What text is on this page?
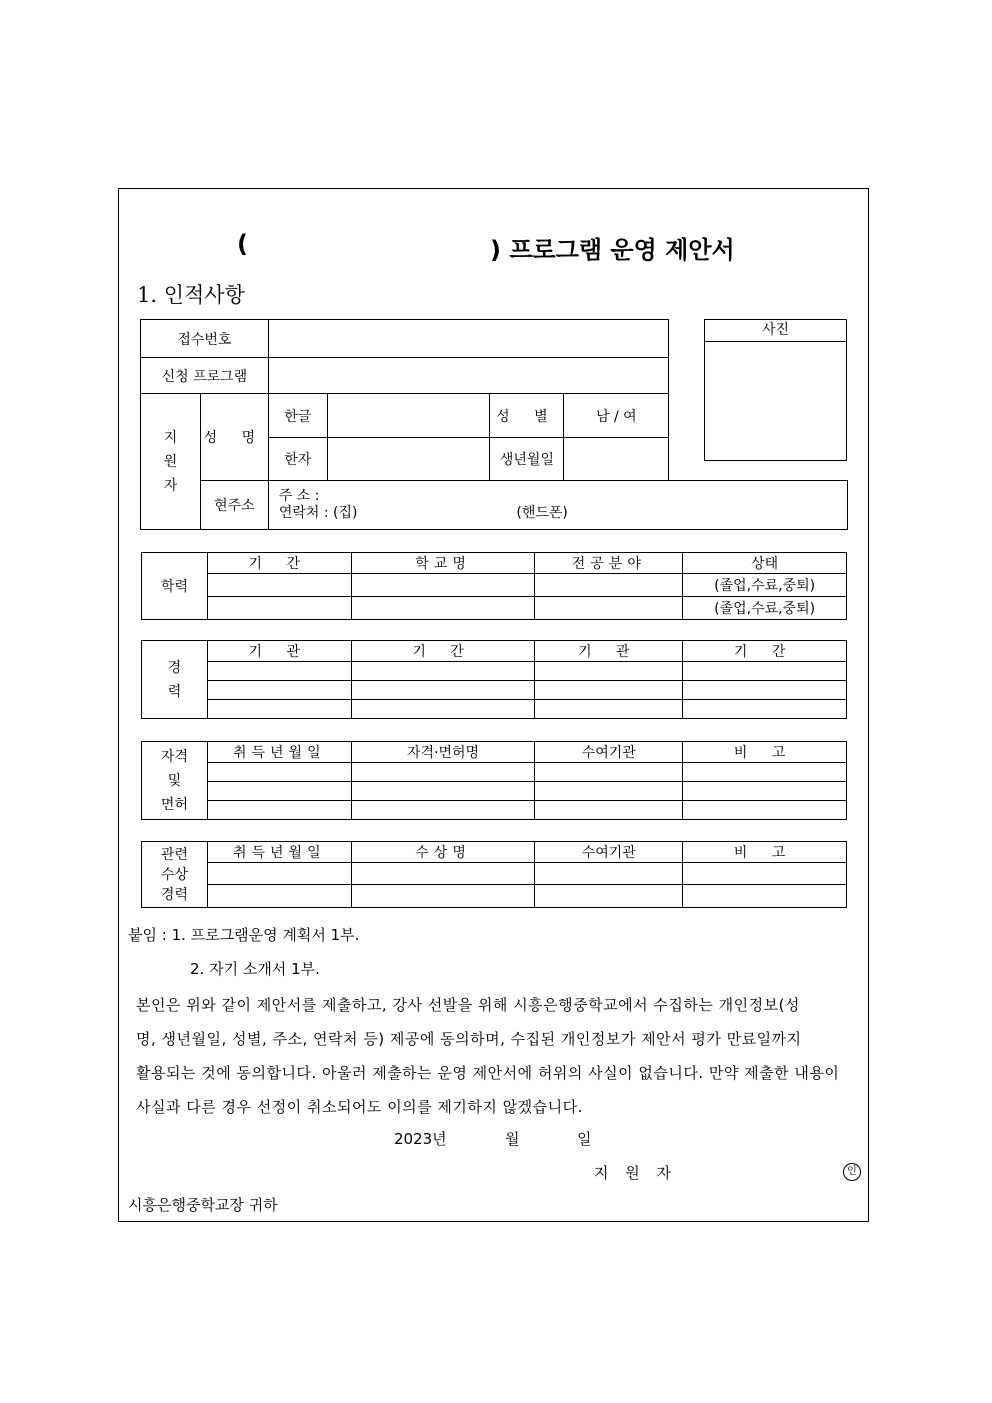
(	) 프로그램 운영 제안서
1. 인적사항
접수번호						
신청 프로그램						

지
원
자	성 명	한글		성 별	남 / 여	
		한자		생년월일		
	현주소	주 소 :
연락처 : (집) (핸드폰)				
사진
학력	기 간	학교명	전공분야	상태
				(졸업,수료,중퇴)
				(졸업,수료,중퇴)
경
력	기 관	기 간	기 관	기 간

자격
및
면허	취득년월일	자격·면허명	수여기관	비 고

관련
수상
경력	취득년월일	수상명	수여기관	비 고

붙임 : 1. 프로그램운영 계획서 1부.
2. 자기 소개서 1부.
본인은 위와 같이 제안서를 제출하고, 강사 선발을 위해 시흥은행중학교에서 수집하는 개인정보(성
명, 생년월일, 성별, 주소, 연락처 등) 제공에 동의하며, 수집된 개인정보가 제안서 평가 만료일까지
활용되는 것에 동의합니다. 아울러 제출하는 운영 제안서에 허위의 사실이 없습니다. 만약 제출한 내용이
사실과 다른 경우 선정이 취소되어도 이의를 제기하지 않겠습니다.
2023년	월	일
지 원 자	인
시흥은행중학교장 귀하
